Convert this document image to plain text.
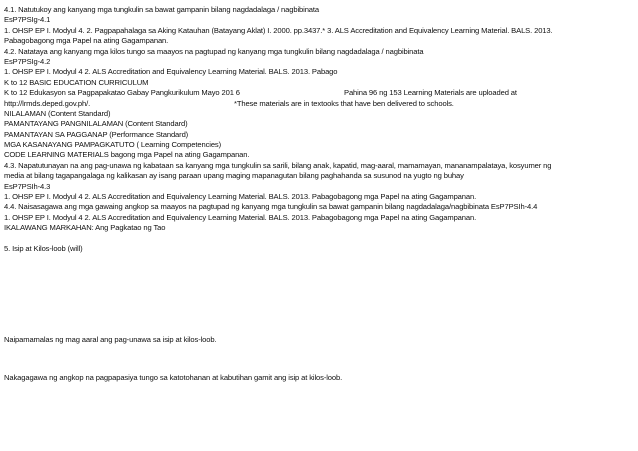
4.1. Natutukoy ang kanyang mga tungkulin sa bawat gampanin bilang nagdadalaga / nagbibinata
EsP7PSIg-4.1
1. OHSP EP I. Modyul 4. 2. Pagpapahalaga sa Aking Katauhan (Batayang Aklat) I. 2000. pp.3437.* 3. ALS Accreditation and Equivalency Learning Material. BALS. 2013.
Pabagobagong mga Papel na ating Gagampanan.
4.2. Natataya ang kanyang mga kilos tungo sa maayos na pagtupad ng kanyang mga tungkulin bilang nagdadalaga / nagbibinata
EsP7PSIg-4.2
1. OHSP EP I. Modyul 4 2. ALS Accreditation and Equivalency Learning Material. BALS. 2013. Pabago
K to 12 BASIC EDUCATION CURRICULUM
K to 12 Edukasyon sa Pagpapakatao Gabay Pangkurikulum Mayo 201 6	Pahina 96 ng 153 Learning Materials are uploaded at
http://lrmds.deped.gov.ph/.	*These materials are in textooks that have ben delivered to schools.
NILALAMAN (Content Standard)
PAMANTAYANG PANGNILALAMAN (Content Standard)
PAMANTAYAN SA PAGGANAP (Performance Standard)
MGA KASANAYANG PAMPAGKATUTO ( Learning Competencies)
CODE LEARNING MATERIALS bagong mga Papel na ating Gagampanan.
4.3. Napatutunayan na ang pag-unawa ng kabataan sa kanyang mga tungkulin sa sarili, bilang anak, kapatid, mag-aaral, mamamayan, mananampalataya, kosyumer ng
media at bilang tagapangalaga ng kalikasan ay isang paraan upang maging mapanagutan bilang paghahanda sa susunod na yugto ng buhay
EsP7PSIh-4.3
1. OHSP EP I. Modyul 4 2. ALS Accreditation and Equivalency Learning Material. BALS. 2013. Pabagobagong mga Papel na ating Gagampanan.
4.4. Naisasagawa ang mga gawaing angkop sa maayos na pagtupad ng kanyang mga tungkulin sa bawat gampanin bilang nagdadalaga/nagbibinata EsP7PSIh-4.4
1. OHSP EP I. Modyul 4 2. ALS Accreditation and Equivalency Learning Material. BALS. 2013. Pabagobagong mga Papel na ating Gagampanan.
IKALAWANG MARKAHAN: Ang Pagkatao ng Tao
5. Isip at Kilos-loob (will)
Naipamamalas ng mag aaral ang pag-unawa sa isip at kilos-loob.
Nakagagawa ng angkop na pagpapasiya tungo sa katotohanan at kabutihan gamit ang isip at kilos-loob.
